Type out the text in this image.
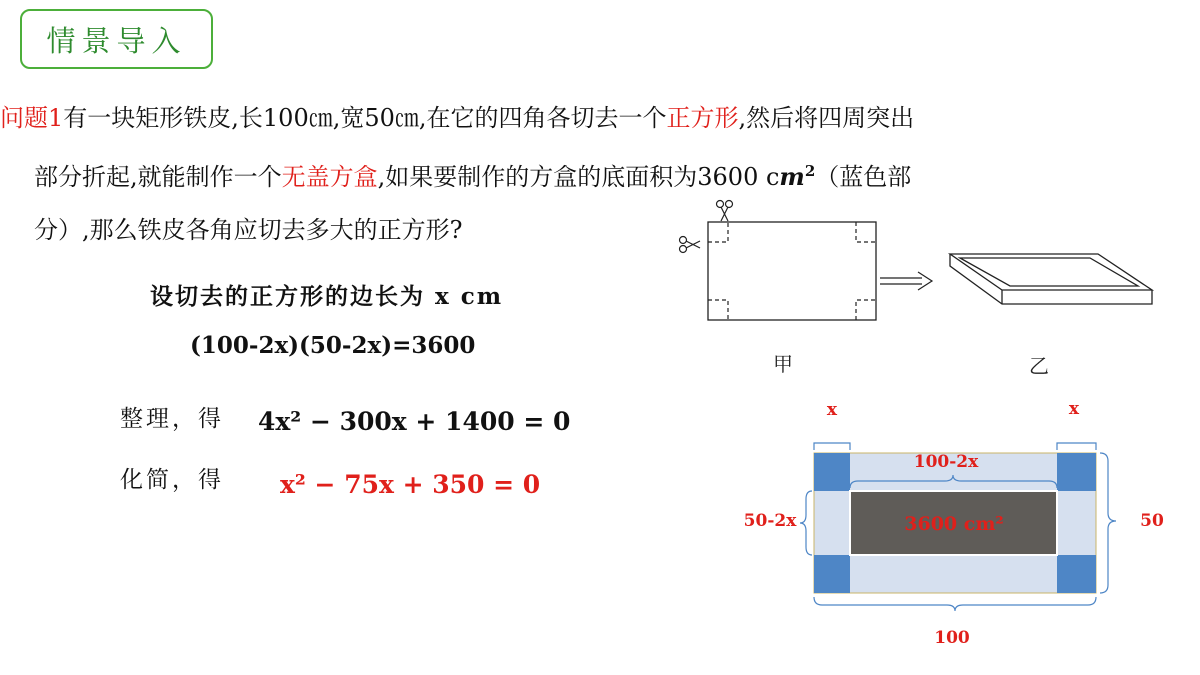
情景导入
问题1有一块矩形铁皮,长100㎝,宽50㎝,在它的四角各切去一个正方形,然后将四周突出
部分折起,就能制作一个无盖方盒,如果要制作的方盒的底面积为3600 $cm^2$（蓝色部
分）,那么铁皮各角应切去多大的正方形?
设切去的正方形的边长为 x cm
(100-2x)(50-2x)=3600
整理，得 4x² − 300x + 1400 = 0
化简，得 x² − 75x + 350 = 0
甲	乙
x	x
100-2x
50-2x	50
100
3600 cm²
